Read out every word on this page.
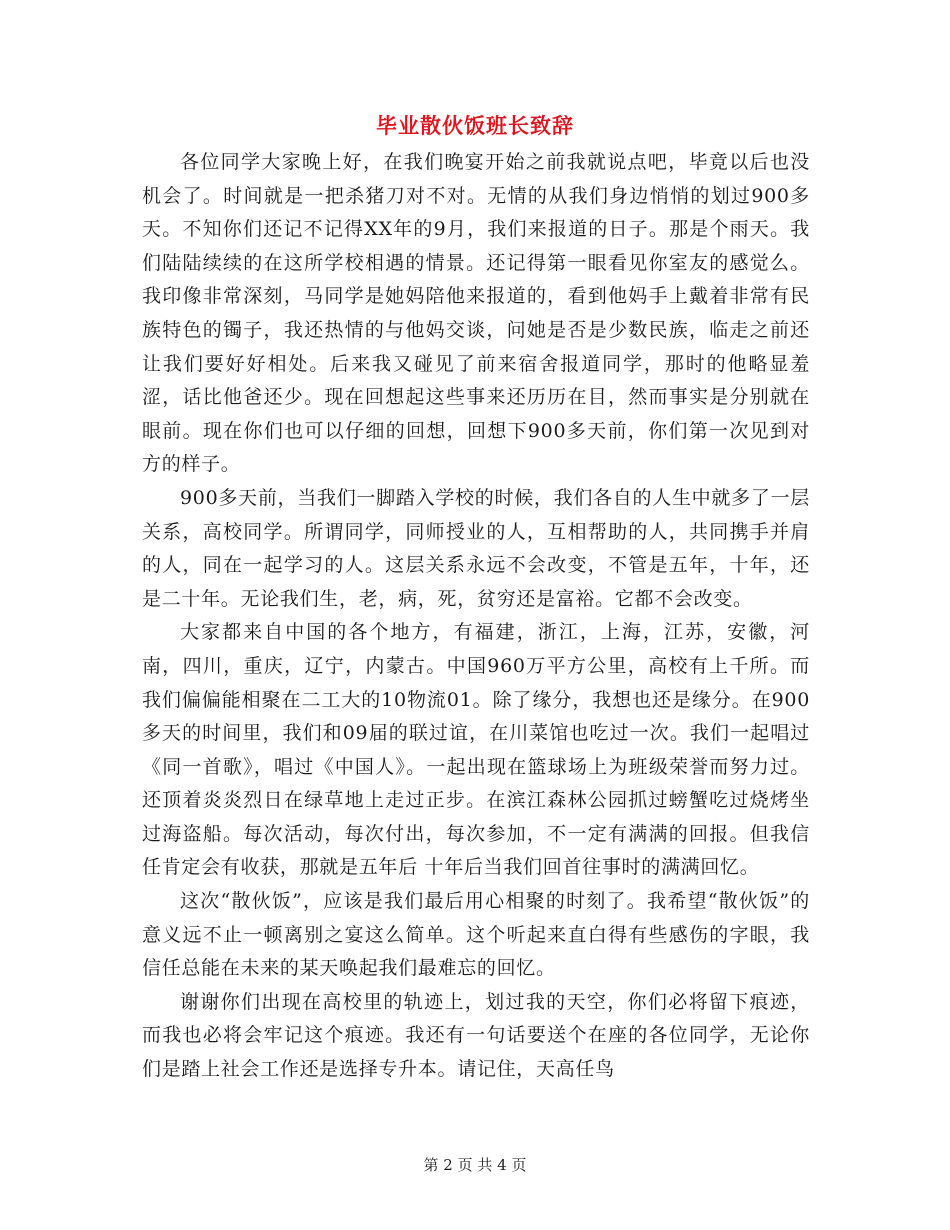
毕业散伙饭班长致辞

各位同学大家晚上好，在我们晚宴开始之前我就说点吧，毕竟以后也没机会了。时间就是一把杀猪刀对不对。无情的从我们身边悄悄的划过900多天。不知你们还记不记得XX年的9月，我们来报道的日子。那是个雨天。我们陆陆续续的在这所学校相遇的情景。还记得第一眼看见你室友的感觉么。我印像非常深刻，马同学是她妈陪他来报道的，看到他妈手上戴着非常有民族特色的镯子，我还热情的与他妈交谈，问她是否是少数民族，临走之前还让我们要好好相处。后来我又碰见了前来宿舍报道同学，那时的他略显羞涩，话比他爸还少。现在回想起这些事来还历历在目，然而事实是分别就在眼前。现在你们也可以仔细的回想，回想下900多天前，你们第一次见到对方的样子。

900多天前，当我们一脚踏入学校的时候，我们各自的人生中就多了一层关系，高校同学。所谓同学，同师授业的人，互相帮助的人，共同携手并肩的人，同在一起学习的人。这层关系永远不会改变，不管是五年，十年，还是二十年。无论我们生，老，病，死，贫穷还是富裕。它都不会改变。

大家都来自中国的各个地方，有福建，浙江，上海，江苏，安徽，河南，四川，重庆，辽宁，内蒙古。中国960万平方公里，高校有上千所。而我们偏偏能相聚在二工大的10物流01。除了缘分，我想也还是缘分。在900多天的时间里，我们和09届的联过谊，在川菜馆也吃过一次。我们一起唱过《同一首歌》，唱过《中国人》。一起出现在篮球场上为班级荣誉而努力过。还顶着炎炎烈日在绿草地上走过正步。在滨江森林公园抓过螃蟹吃过烧烤坐过海盗船。每次活动，每次付出，每次参加，不一定有满满的回报。但我信任肯定会有收获，那就是五年后 十年后当我们回首往事时的满满回忆。

这次“散伙饭”，应该是我们最后用心相聚的时刻了。我希望“散伙饭”的意义远不止一顿离别之宴这么简单。这个听起来直白得有些感伤的字眼，我信任总能在未来的某天唤起我们最难忘的回忆。

谢谢你们出现在高校里的轨迹上，划过我的天空，你们必将留下痕迹，而我也必将会牢记这个痕迹。我还有一句话要送个在座的各位同学，无论你们是踏上社会工作还是选择专升本。请记住，天高任鸟

第 2 页 共 4 页
